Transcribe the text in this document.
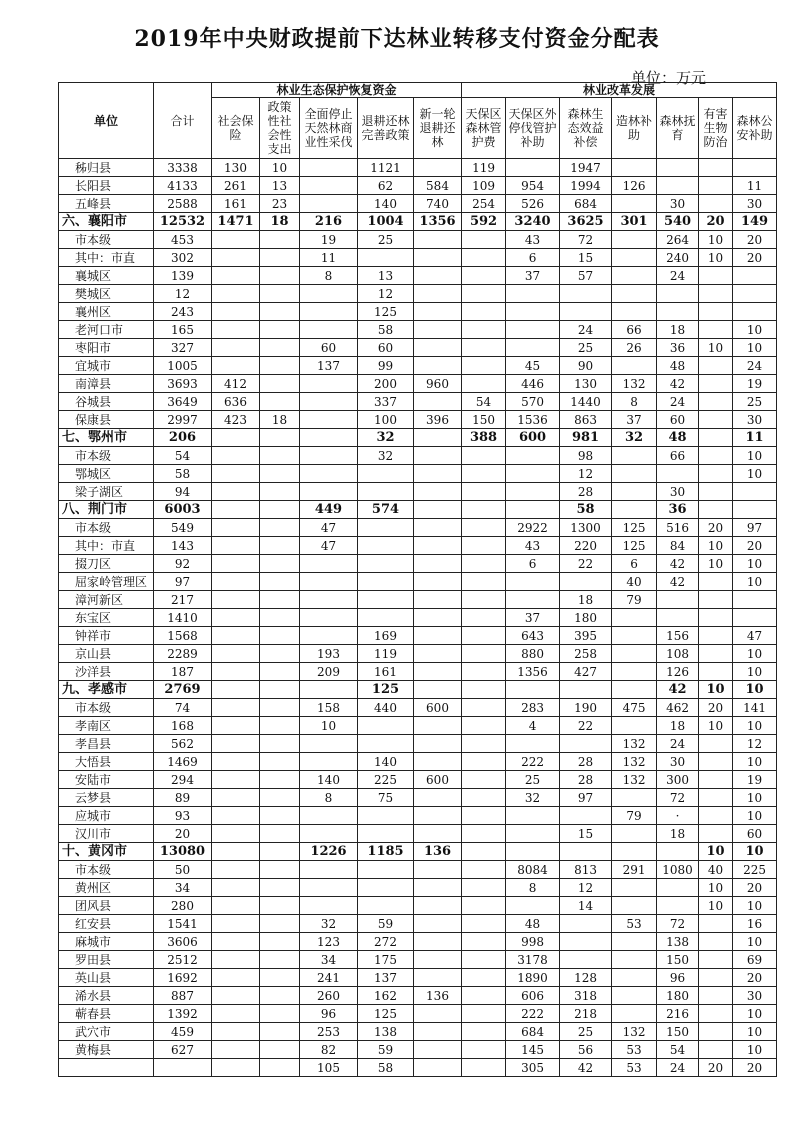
2019年中央财政提前下达林业转移支付资金分配表
单位：万元
单位	合计	林业生态保护恢复资金					林业改革发展						
		社会保险	政策性社会性支出	全面停止天然林商业性采伐	退耕还林完善政策	新一轮退耕还林	天保区森林管护费	天保区外停伐管护补助	森林生态效益补偿	造林补助	森林抚育	有害生物防治	森林公安补助
秭归县	3338	130	10		1121		119		1947				
长阳县	4133	261	13		62	584	109	954	1994	126			11
五峰县	2588	161	23		140	740	254	526	684		30		30
六、襄阳市	12532	1471	18	216	1004	1356	592	3240	3625	301	540	20	149
市本级	453			19	25			43	72		264	10	20
其中：市直	302			11				6	15		240	10	20
襄城区	139			8	13			37	57		24		
樊城区	12				12								
襄州区	243				125								
老河口市	165				58				24	66	18		10
枣阳市	327			60	60				25	26	36	10	10
宜城市	1005			137	99			45	90		48		24
南漳县	3693	412			200	960		446	130	132	42		19
谷城县	3649	636			337		54	570	1440	8	24		25
保康县	2997	423	18		100	396	150	1536	863	37	60		30
七、鄂州市	206				32		388	600	981	32	48		11
市本级	54				32				98		66		10
鄂城区	58								12				10
梁子湖区	94								28		30		
八、荆门市	6003			449	574				58		36		
市本级	549			47				2922	1300	125	516	20	97
其中：市直	143			47				43	220	125	84	10	20
掇刀区	92							6	22	6	42	10	10
屈家岭管理区	97									40	42		10
漳河新区	217								18	79			
东宝区	1410							37	180				
钟祥市	1568				169			643	395		156		47
京山县	2289			193	119			880	258		108		10
沙洋县	187			209	161			1356	427		126		10
九、孝感市	2769				125						42	10	10
市本级	74			158	440	600		283	190	475	462	20	141
孝南区	168			10				4	22		18	10	10
孝昌县	562									132	24		12
大悟县	1469				140			222	28	132	30		10
安陆市	294			140	225	600		25	28	132	300		19
云梦县	89			8	75			32	97		72		10
应城市	93									79	·		10
汉川市	20								15		18		60
十、黄冈市	13080			1226	1185	136						10	10
市本级	50							8084	813	291	1080	40	225
黄州区	34							8	12			10	20
团风县	280								14			10	10
红安县	1541			32	59			48		53	72		16
麻城市	3606			123	272			998			138		10
罗田县	2512			34	175			3178			150		69
英山县	1692			241	137			1890	128		96		20
浠水县	887			260	162	136		606	318		180		30
蕲春县	1392			96	125			222	218		216		10
武穴市	459			253	138			684	25	132	150		10
黄梅县	627			82	59			145	56	53	54		10
				105	58			305	42	53	24	20	20
